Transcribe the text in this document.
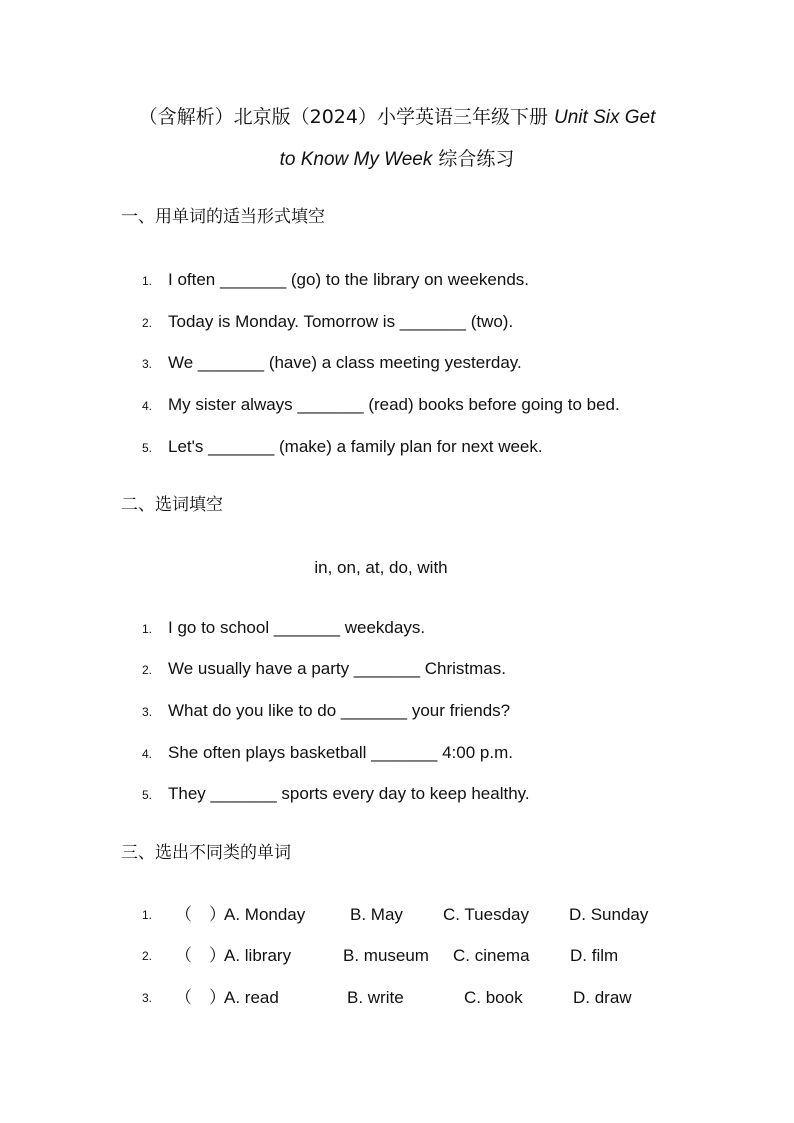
（含解析）北京版（2024）小学英语三年级下册 Unit Six Get
to Know My Week 综合练习
一、用单词的适当形式填空
1. I often _______ (go) to the library on weekends.
2. Today is Monday. Tomorrow is _______ (two).
3. We _______ (have) a class meeting yesterday.
4. My sister always _______ (read) books before going to bed.
5. Let's _______ (make) a family plan for next week.
二、选词填空
in, on, at, do, with
1. I go to school _______ weekdays.
2. We usually have a party _______ Christmas.
3. What do you like to do _______ your friends?
4. She often plays basketball _______ 4:00 p.m.
5. They _______ sports every day to keep healthy.
三、选出不同类的单词
1. （　）
A. Monday	B. May C. Tuesday D. Sunday
2. （　）
A. library	B. museum C. cinema D. film
3. （　）
A. read	B. write	C. book	D. draw
